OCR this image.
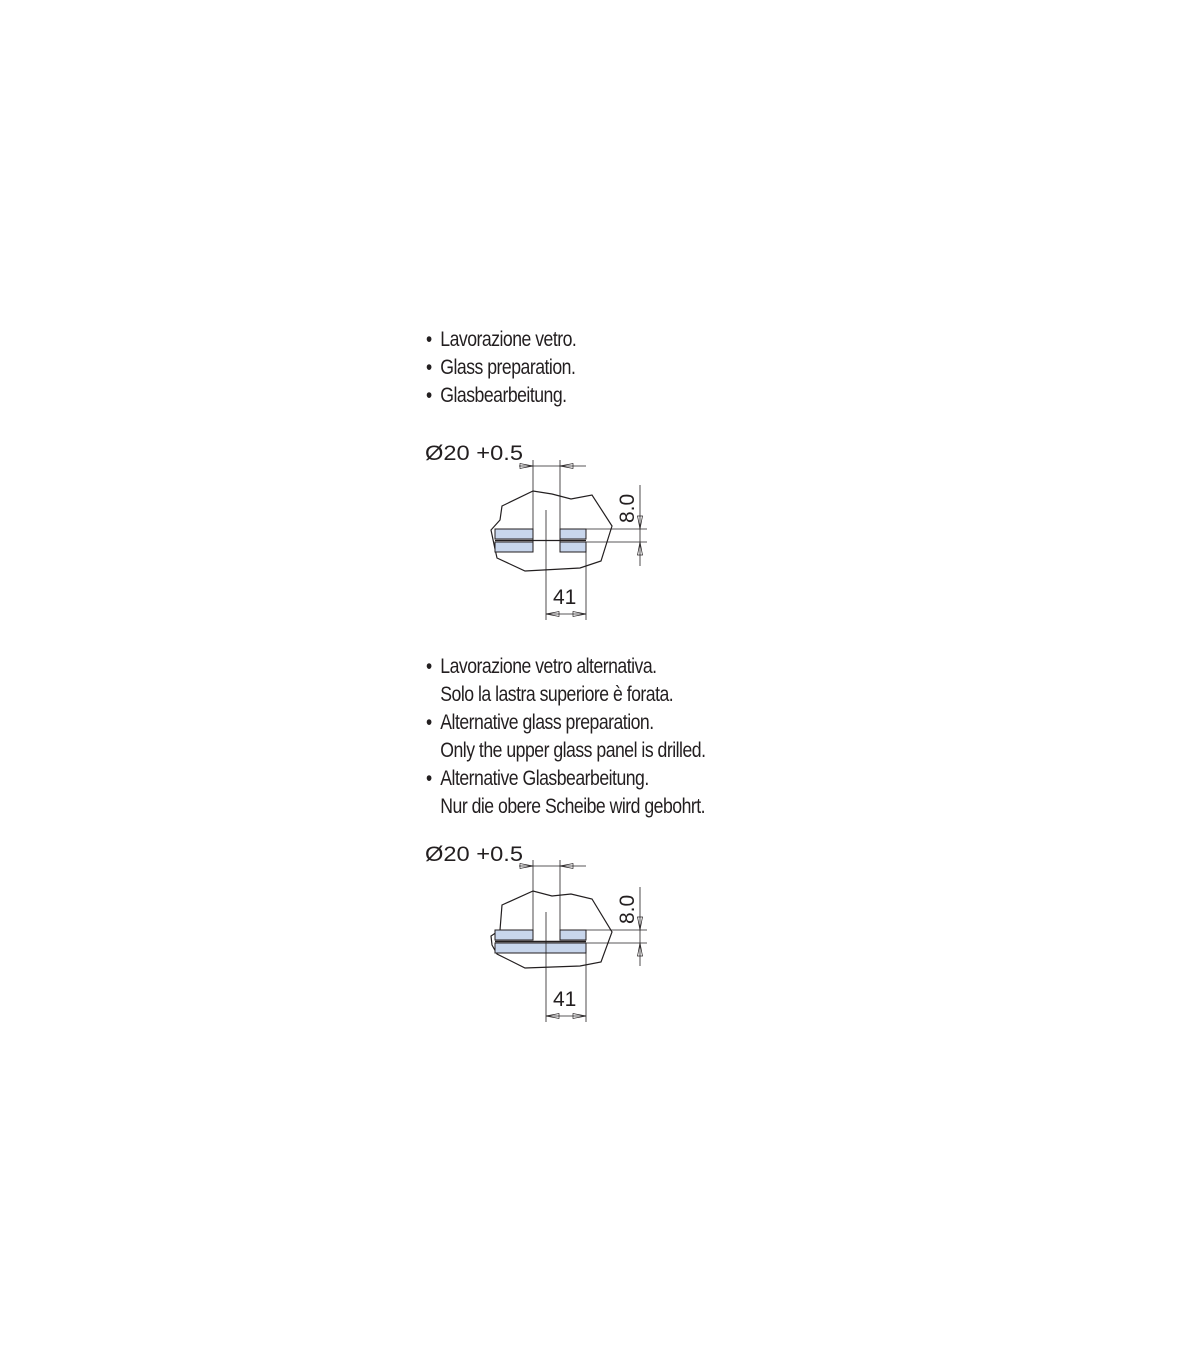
• Lavorazione vetro.
• Glass preparation.
• Glasbearbeitung.
Ø20 +0.5
8.0
41
• Lavorazione vetro alternativa.
Solo la lastra superiore è forata.
• Alternative glass preparation.
Only the upper glass panel is drilled.
• Alternative Glasbearbeitung.
Nur die obere Scheibe wird gebohrt.
Ø20 +0.5
8.0
41
